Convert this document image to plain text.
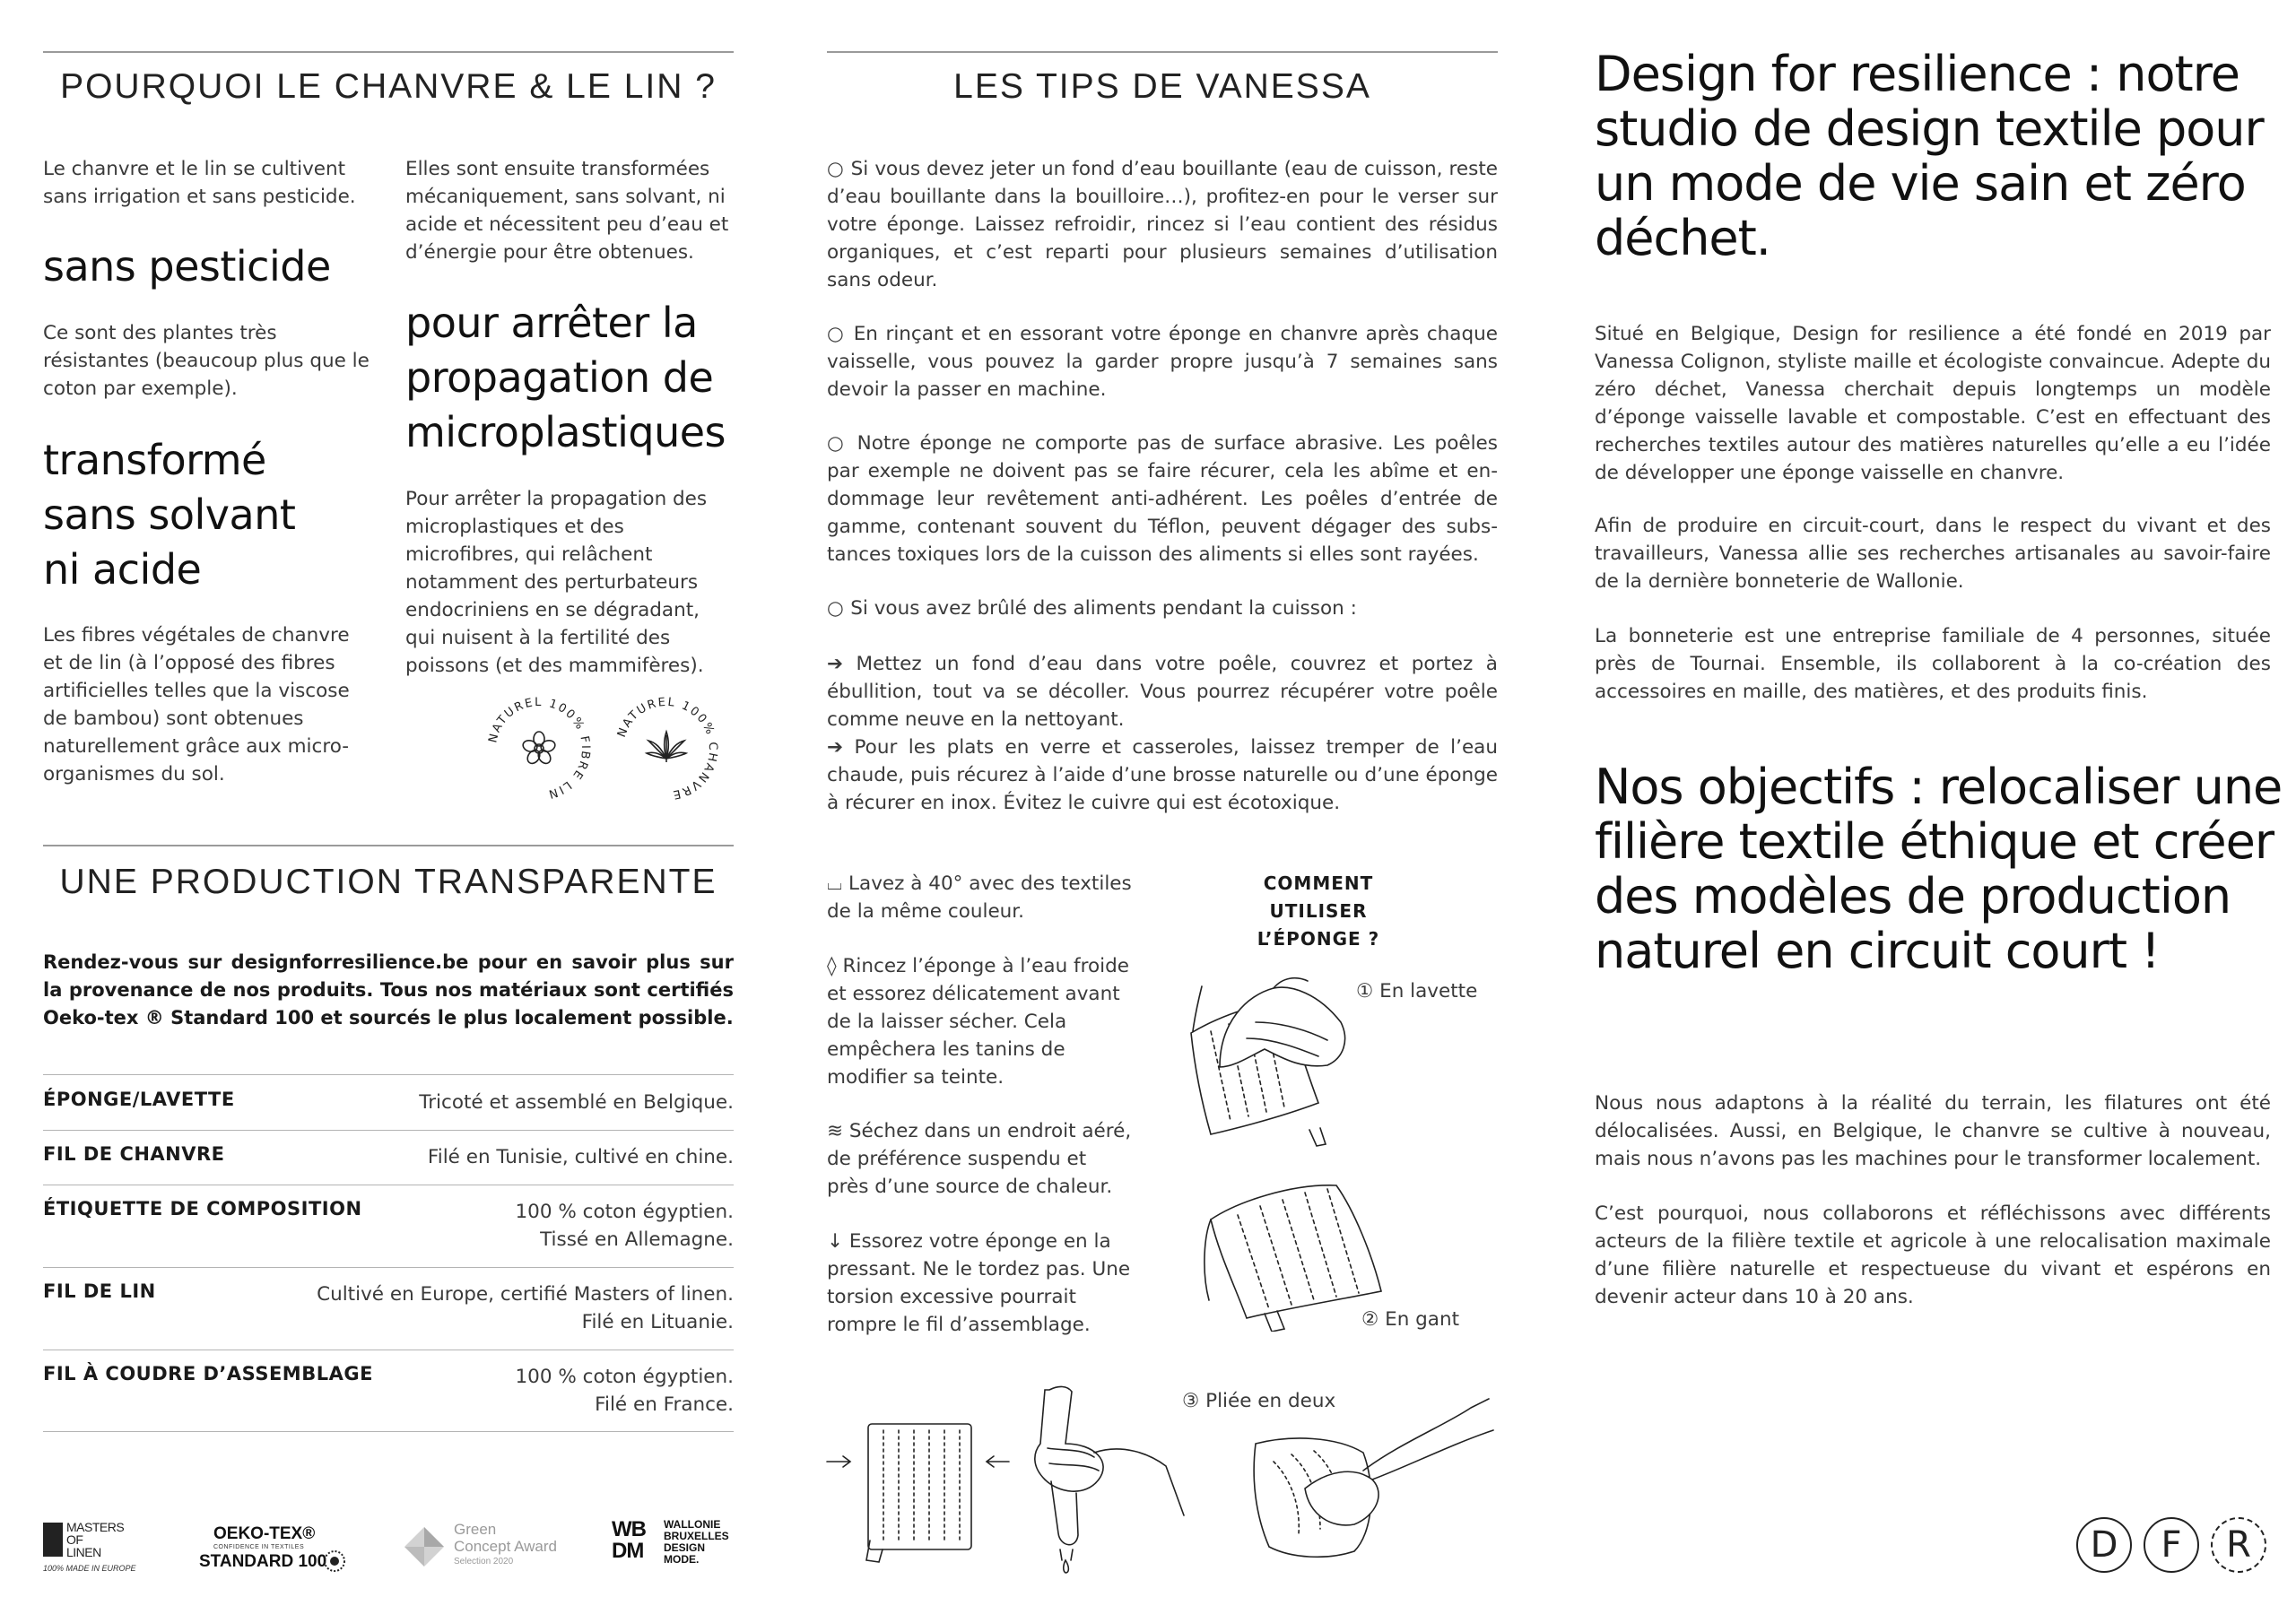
POURQUOI LE CHANVRE & LE LIN ?
Le chanvre et le lin se cultivent sans irrigation et sans pesticide.
sans pesticide
Ce sont des plantes très résistantes (beaucoup plus que le coton par exemple).
transformé sans solvant ni acide
Les fibres végétales de chanvre et de lin (à l’opposé des fibres artificielles telles que la viscose de bambou) sont obtenues naturellement grâce aux micro-organismes du sol.
Elles sont ensuite transformées mécaniquement, sans solvant, ni acide et nécessitent peu d’eau et d’énergie pour être obtenues.
pour arrêter la propagation de microplastiques
Pour arrêter la propagation des microplastiques et des microfibres, qui relâchent notamment des perturbateurs endocriniens en se dégradant, qui nuisent à la fertilité des poissons (et des mammifères).
NATUREL 100% FIBRE LIN
NATUREL 100% CHANVRE
UNE PRODUCTION TRANSPARENTE
Rendez-vous sur designforresilience.be pour en savoir plus sur la provenance de nos produits. Tous nos matériaux sont certifiés Oeko-tex ® Standard 100 et sourcés le plus localement possible.
ÉPONGE/LAVETTE	Tricoté et assemblé en Belgique.
FIL DE CHANVRE	Filé en Tunisie, cultivé en chine.
ÉTIQUETTE DE COMPOSITION	100 % coton égyptien.
Tissé en Allemagne.
FIL DE LIN	Cultivé en Europe, certifié Masters of linen.
Filé en Lituanie.
FIL À COUDRE D’ASSEMBLAGE	100 % coton égyptien.
Filé en France.
MASTERS
OF
LINEN
100% MADE IN EUROPE
OEKO-TEX®
CONFIDENCE IN TEXTILES
STANDARD 100
Green
Concept Award
Selection 2020
WB
DM
WALLONIE
BRUXELLES
DESIGN
MODE.
LES TIPS DE VANESSA
○ Si vous devez jeter un fond d’eau bouillante (eau de cuisson, reste d’eau bouillante dans la bouilloire…), profitez-en pour le verser sur votre éponge. Laissez refroidir, rincez si l’eau contient des résidus organiques, et c’est reparti pour plusieurs semaines d’utilisation sans odeur.
○ En rinçant et en essorant votre éponge en chanvre après chaque vaisselle, vous pouvez la garder propre jusqu’à 7 semaines sans devoir la passer en machine.
○ Notre éponge ne comporte pas de surface abrasive. Les poêles par exemple ne doivent pas se faire récurer, cela les abîme et en-dommage leur revêtement anti-adhérent. Les poêles d’entrée de gamme, contenant souvent du Téflon, peuvent dégager des subs-tances toxiques lors de la cuisson des aliments si elles sont rayées.
○ Si vous avez brûlé des aliments pendant la cuisson :
➔ Mettez un fond d’eau dans votre poêle, couvrez et portez à ébullition, tout va se décoller. Vous pourrez récupérer votre poêle comme neuve en la nettoyant.
➔ Pour les plats en verre et casseroles, laissez tremper de l’eau chaude, puis récurez à l’aide d’une brosse naturelle ou d’une éponge à récurer en inox. Évitez le cuivre qui est écotoxique.
⌴ Lavez à 40° avec des textiles de la même couleur.
◊ Rincez l’éponge à l’eau froide et essorez délicatement avant de la laisser sécher. Cela empêchera les tanins de modifier sa teinte.
≋ Séchez dans un endroit aéré, de préférence suspendu et près d’une source de chaleur.
↓ Essorez votre éponge en la pressant. Ne le tordez pas. Une torsion excessive pourrait rompre le fil d’assemblage.
COMMENT UTILISER L’ÉPONGE ?
① En lavette
② En gant
③ Pliée en deux
Design for resilience : notre studio de design textile pour un mode de vie sain et zéro déchet.
Situé en Belgique, Design for resilience a été fondé en 2019 par Vanessa Colignon, styliste maille et écologiste convaincue. Adepte du zéro déchet, Vanessa cherchait depuis longtemps un modèle d’éponge vaisselle lavable et compostable. C’est en effectuant des recherches textiles autour des matières naturelles qu’elle a eu l’idée de développer une éponge vaisselle en chanvre.
Afin de produire en circuit-court, dans le respect du vivant et des travailleurs, Vanessa allie ses recherches artisanales au savoir-faire de la dernière bonneterie de Wallonie.
La bonneterie est une entreprise familiale de 4 personnes, située près de Tournai. Ensemble, ils collaborent à la co-création des accessoires en maille, des matières, et des produits finis.
Nos objectifs : relocaliser une filière textile éthique et créer des modèles de production naturel en circuit court !
Nous nous adaptons à la réalité du terrain, les filatures ont été délocalisées. Aussi, en Belgique, le chanvre se cultive à nouveau, mais nous n’avons pas les machines pour le transformer localement.
C’est pourquoi, nous collaborons et réfléchissons avec différents acteurs de la filière textile et agricole à une relocalisation maximale d’une filière naturelle et respectueuse du vivant et espérons en devenir acteur dans 10 à 20 ans.
D	F	R
